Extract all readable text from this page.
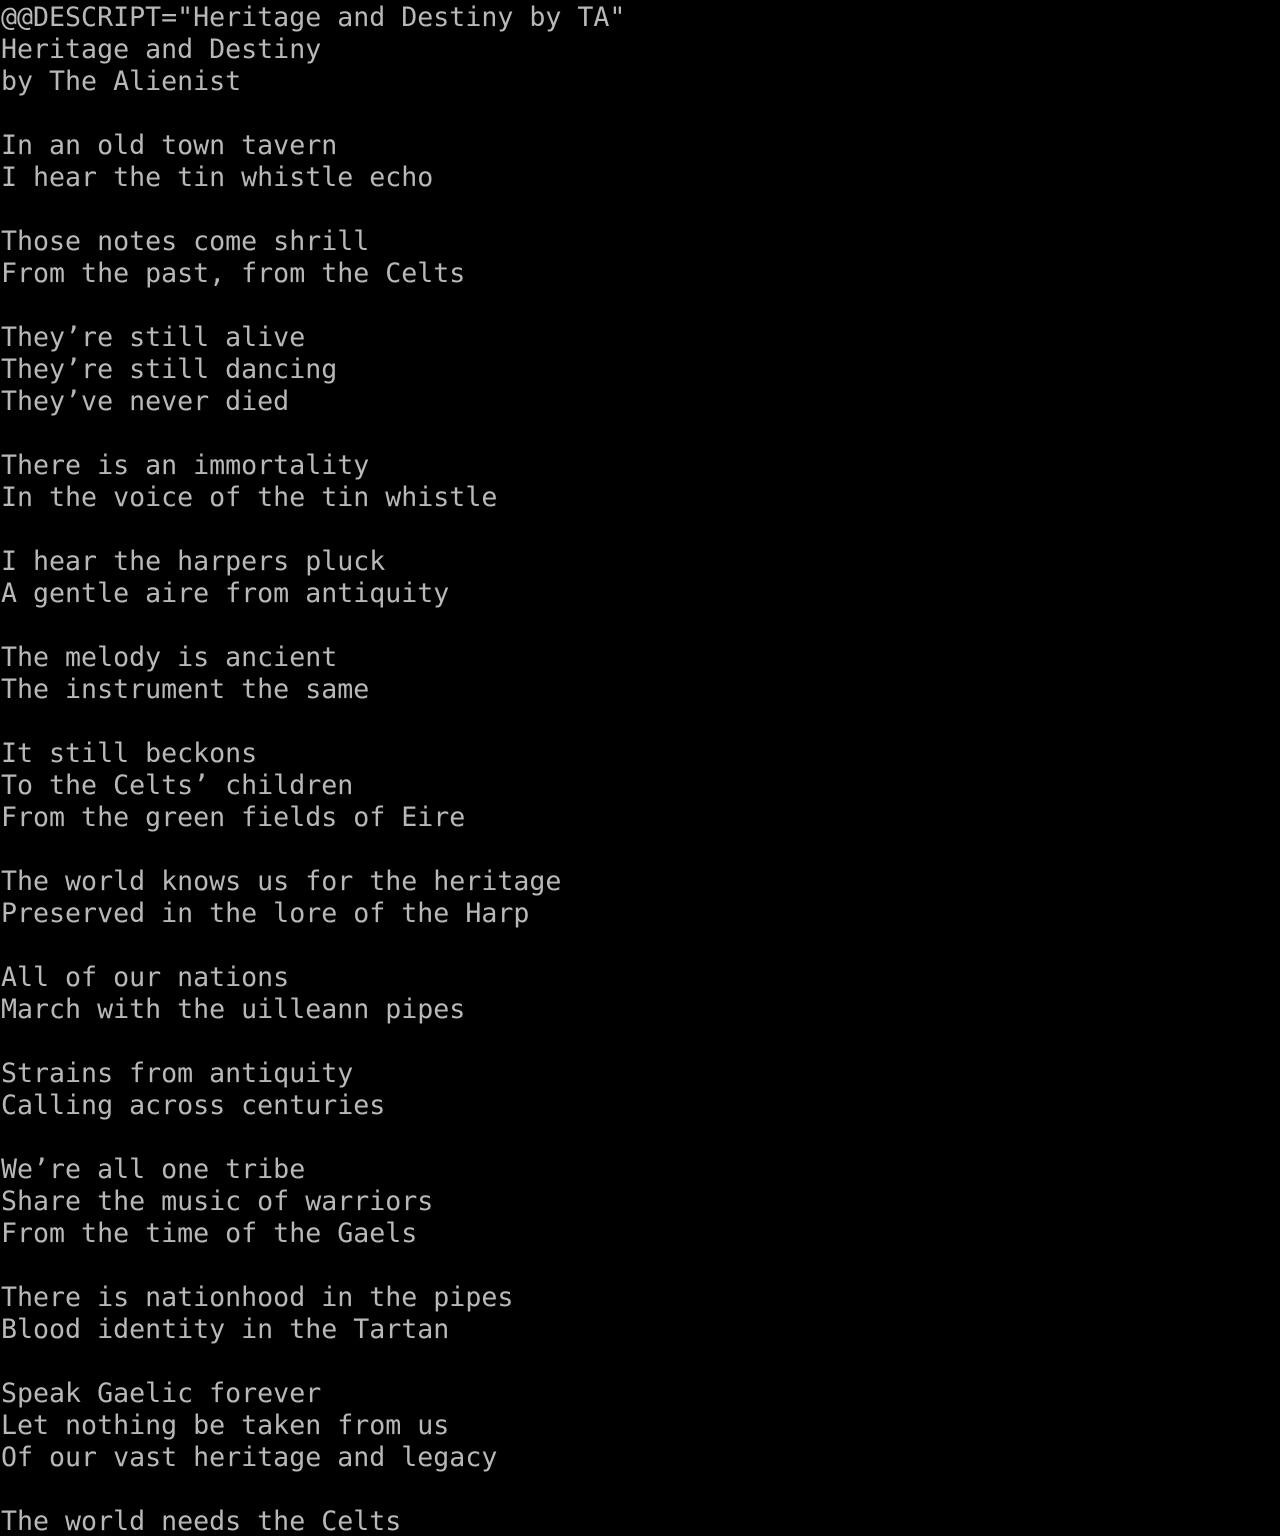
@@DESCRIPT="Heritage and Destiny by TA"
Heritage and Destiny
by The Alienist

In an old town tavern
I hear the tin whistle echo

Those notes come shrill
From the past, from the Celts

They’re still alive
They’re still dancing
They’ve never died

There is an immortality
In the voice of the tin whistle

I hear the harpers pluck
A gentle aire from antiquity

The melody is ancient
The instrument the same

It still beckons
To the Celts’ children
From the green fields of Eire

The world knows us for the heritage
Preserved in the lore of the Harp

All of our nations
March with the uilleann pipes

Strains from antiquity
Calling across centuries

We’re all one tribe
Share the music of warriors
From the time of the Gaels

There is nationhood in the pipes
Blood identity in the Tartan

Speak Gaelic forever
Let nothing be taken from us
Of our vast heritage and legacy

The world needs the Celts
